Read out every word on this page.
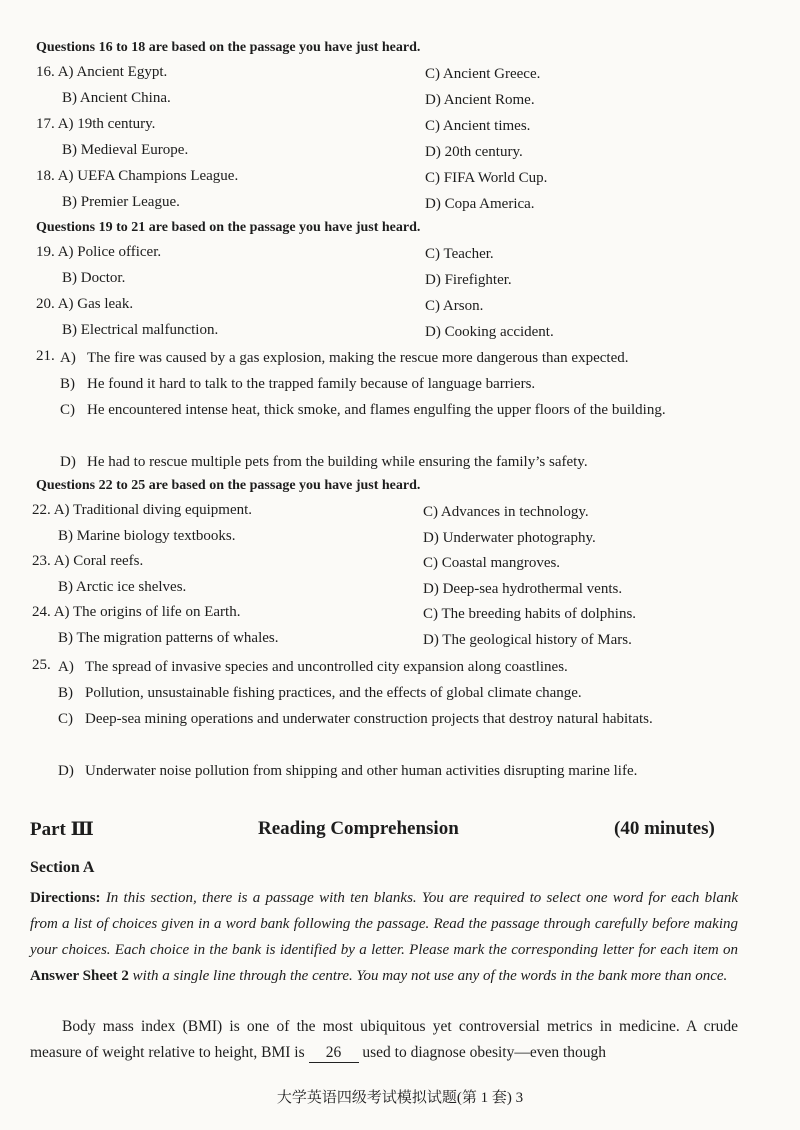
Questions 16 to 18 are based on the passage you have just heard.
16. A) Ancient Egypt.
B) Ancient China.
C) Ancient Greece.
D) Ancient Rome.
17. A) 19th century.
B) Medieval Europe.
C) Ancient times.
D) 20th century.
18. A) UEFA Champions League.
B) Premier League.
C) FIFA World Cup.
D) Copa America.
Questions 19 to 21 are based on the passage you have just heard.
19. A) Police officer.
B) Doctor.
C) Teacher.
D) Firefighter.
20. A) Gas leak.
B) Electrical malfunction.
C) Arson.
D) Cooking accident.
21. A) The fire was caused by a gas explosion, making the rescue more dangerous than expected.
B) He found it hard to talk to the trapped family because of language barriers.
C) He encountered intense heat, thick smoke, and flames engulfing the upper floors of the building.
D) He had to rescue multiple pets from the building while ensuring the family’s safety.
Questions 22 to 25 are based on the passage you have just heard.
22. A) Traditional diving equipment.
B) Marine biology textbooks.
C) Advances in technology.
D) Underwater photography.
23. A) Coral reefs.
B) Arctic ice shelves.
C) Coastal mangroves.
D) Deep-sea hydrothermal vents.
24. A) The origins of life on Earth.
B) The migration patterns of whales.
C) The breeding habits of dolphins.
D) The geological history of Mars.
25. A) The spread of invasive species and uncontrolled city expansion along coastlines.
B) Pollution, unsustainable fishing practices, and the effects of global climate change.
C) Deep-sea mining operations and underwater construction projects that destroy natural habitats.
D) Underwater noise pollution from shipping and other human activities disrupting marine life.
Part Ⅲ	Reading Comprehension	(40 minutes)
Section A
Directions: In this section, there is a passage with ten blanks. You are required to select one word for each blank from a list of choices given in a word bank following the passage. Read the passage through carefully before making your choices. Each choice in the bank is identified by a letter. Please mark the corresponding letter for each item on Answer Sheet 2 with a single line through the centre. You may not use any of the words in the bank more than once.
Body mass index (BMI) is one of the most ubiquitous yet controversial metrics in medicine. A crude measure of weight relative to height, BMI is 26 used to diagnose obesity—even though
大学英语四级考试模拟试题(第 1 套) 3
